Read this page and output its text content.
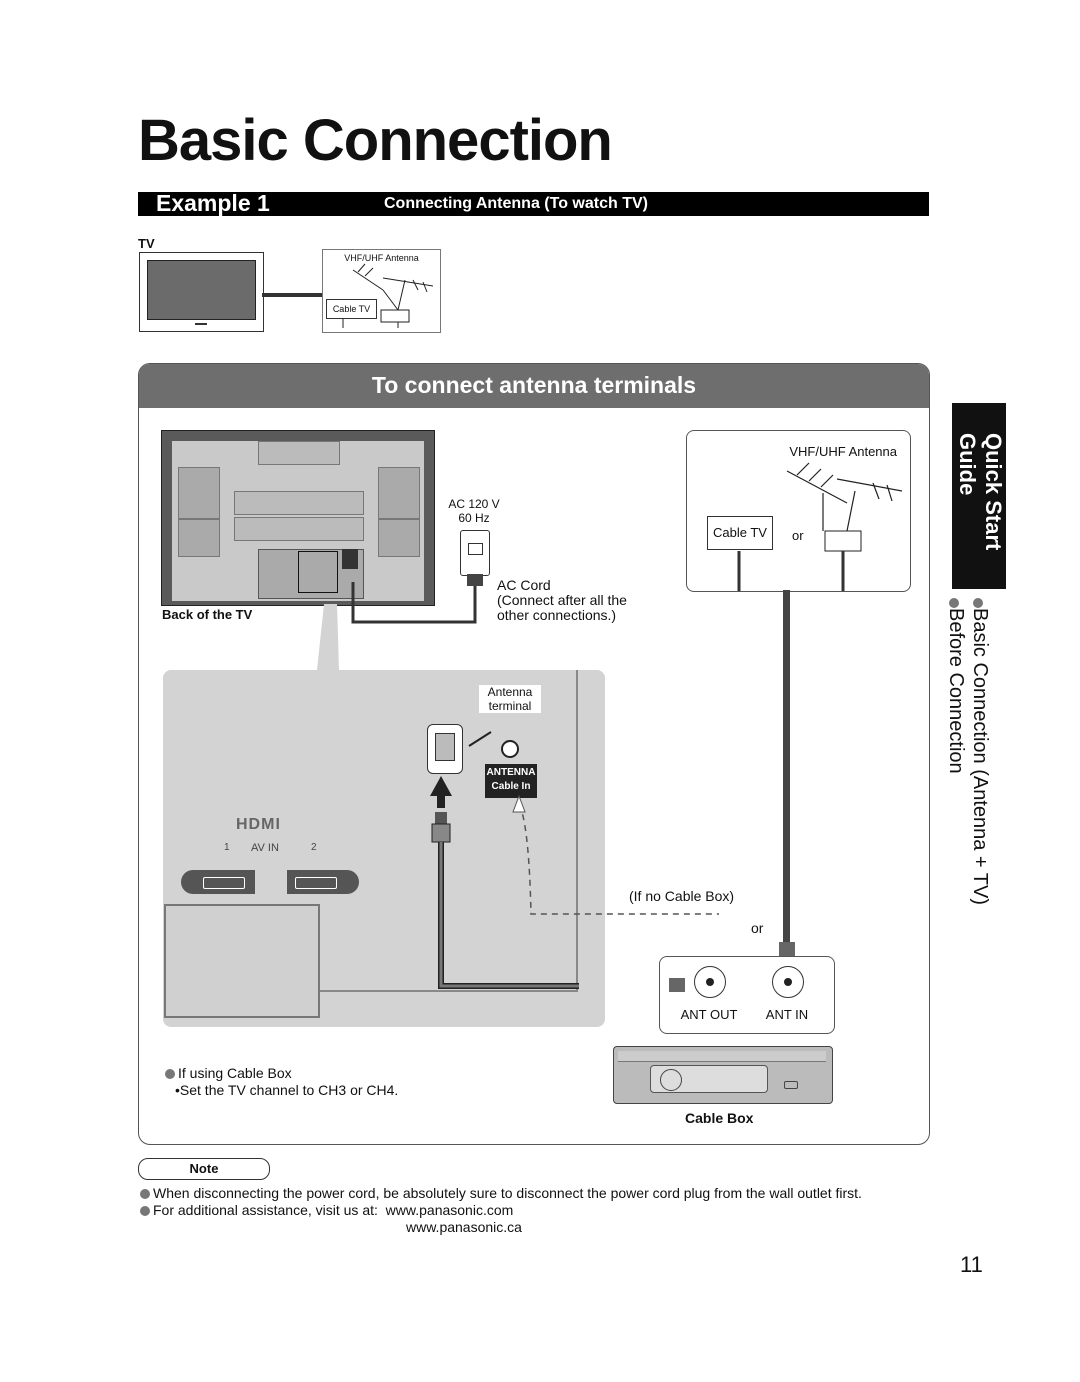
Basic Connection
Example 1	Connecting Antenna (To watch TV)
TV
VHF/UHF Antenna
Cable TV
To connect antenna terminals
Back of the TV
AC 120 V
60 Hz
AC Cord
(Connect after all the
other connections.)
VHF/UHF Antenna
Cable TV	or
HDMI
1 AV IN	2
Antenna
terminal
ANTENNA
Cable In
(If no Cable Box)
or
ANT OUT	ANT IN
Cable Box
If using Cable Box
•Set the TV channel to CH3 or CH4.
Quick Start
Guide
Basic Connection (Antenna + TV)
Before Connection
Note
When disconnecting the power cord, be absolutely sure to disconnect the power cord plug from the wall outlet first.
For additional assistance, visit us at: www.panasonic.com
www.panasonic.ca
11
